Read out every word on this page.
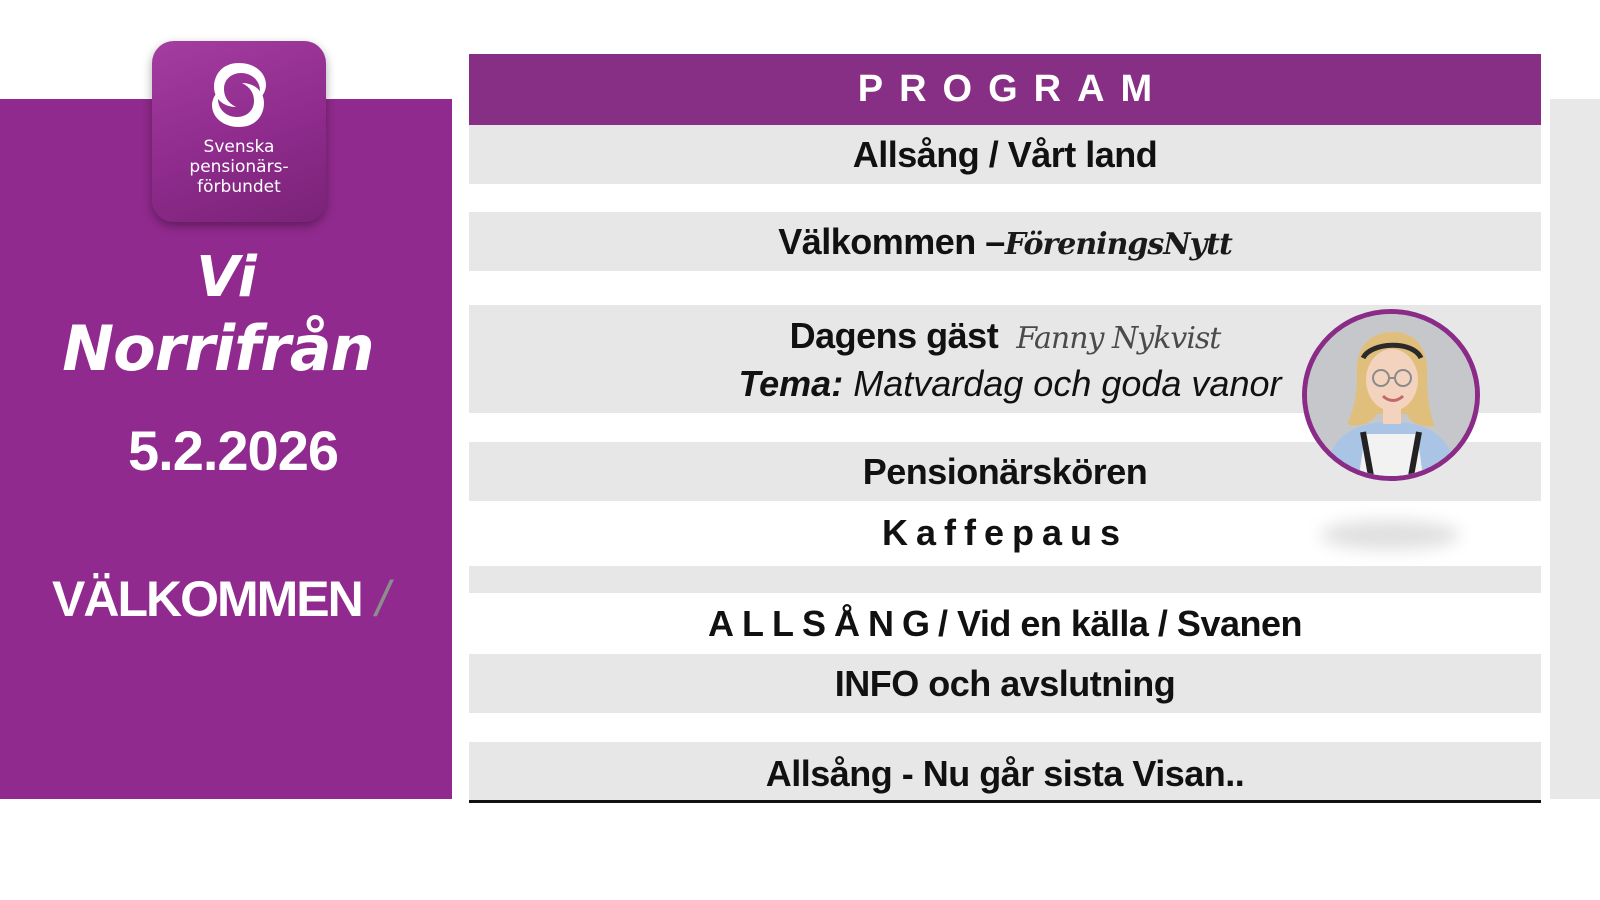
Svenska
pensionärs-
förbundet
Vi
Norrifrån
5.2.2026
VÄLKOMMEN /
PROGRAM
Allsång / Vårt land
Välkommen –FöreningsNytt
Dagens gäst Fanny Nykvist
Tema: Matvardag och goda vanor
Pensionärskören
Kaffepaus
ALLSÅNG/ Vid en källa / Svanen
INFO och avslutning
Allsång - Nu går sista Visan..
